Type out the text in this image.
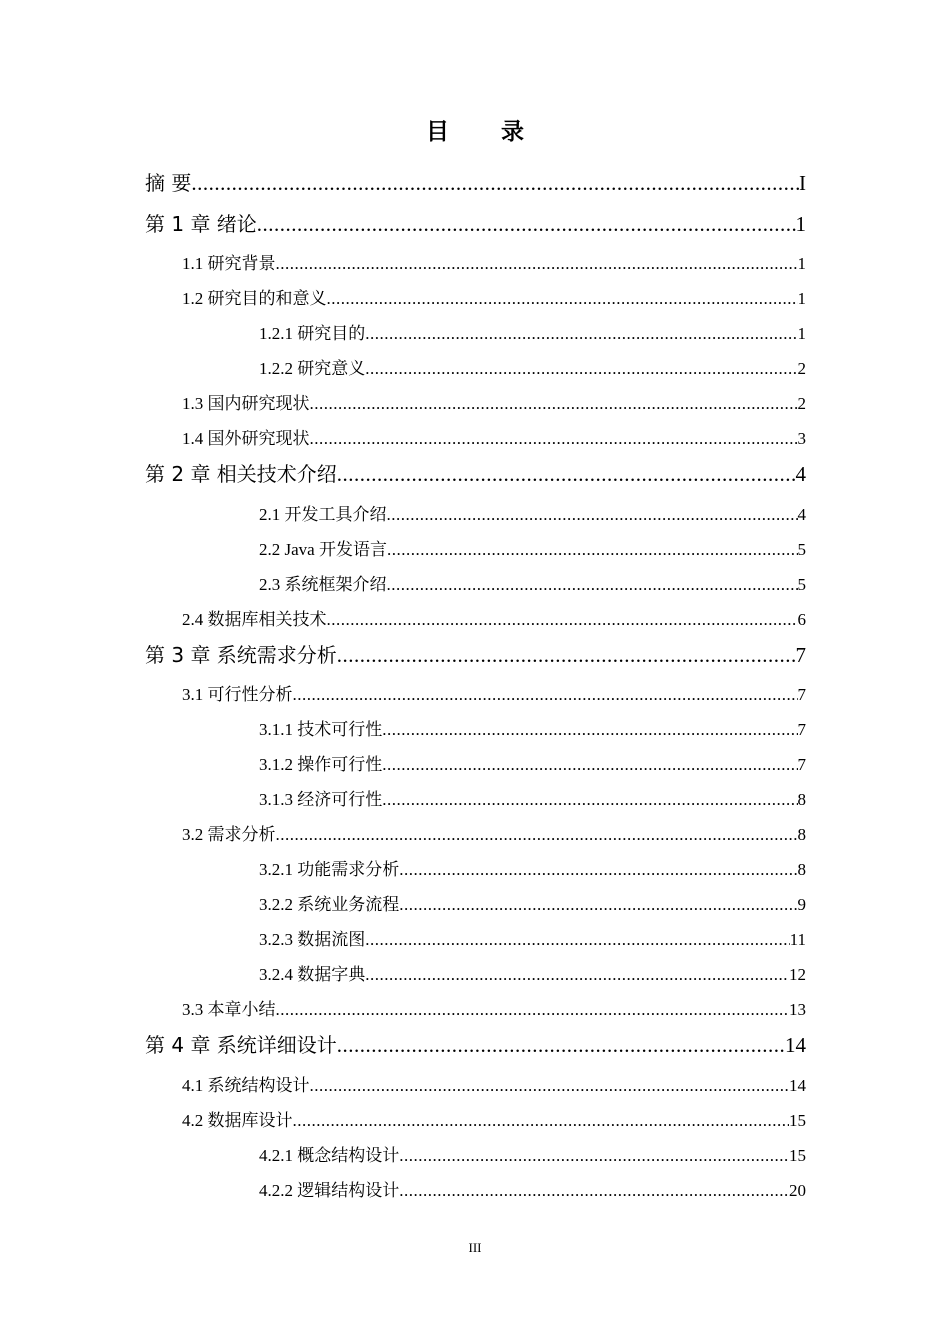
目 录
摘 要 .....	I
第 1 章 绪论 .....	1
1.1 研究背景 .....	1
1.2 研究目的和意义 .....	1
1.2.1 研究目的 .....	1
1.2.2 研究意义 .....	2
1.3 国内研究现状 .....	2
1.4 国外研究现状 .....	3
第 2 章 相关技术介绍 .....	4
2.1 开发工具介绍 .....	4
2.2 Java 开发语言 .....	5
2.3 系统框架介绍 .....	5
2.4 数据库相关技术 .....	6
第 3 章 系统需求分析 .....	7
3.1 可行性分析 .....	7
3.1.1 技术可行性 .....	7
3.1.2 操作可行性 .....	7
3.1.3 经济可行性 .....	8
3.2 需求分析 .....	8
3.2.1 功能需求分析 .....	8
3.2.2 系统业务流程 .....	9
3.2.3 数据流图 .....	11
3.2.4 数据字典 .....	12
3.3 本章小结 .....	13
第 4 章 系统详细设计 .....	14
4.1 系统结构设计 .....	14
4.2 数据库设计 .....	15
4.2.1 概念结构设计 .....	15
4.2.2 逻辑结构设计 .....	20
III
